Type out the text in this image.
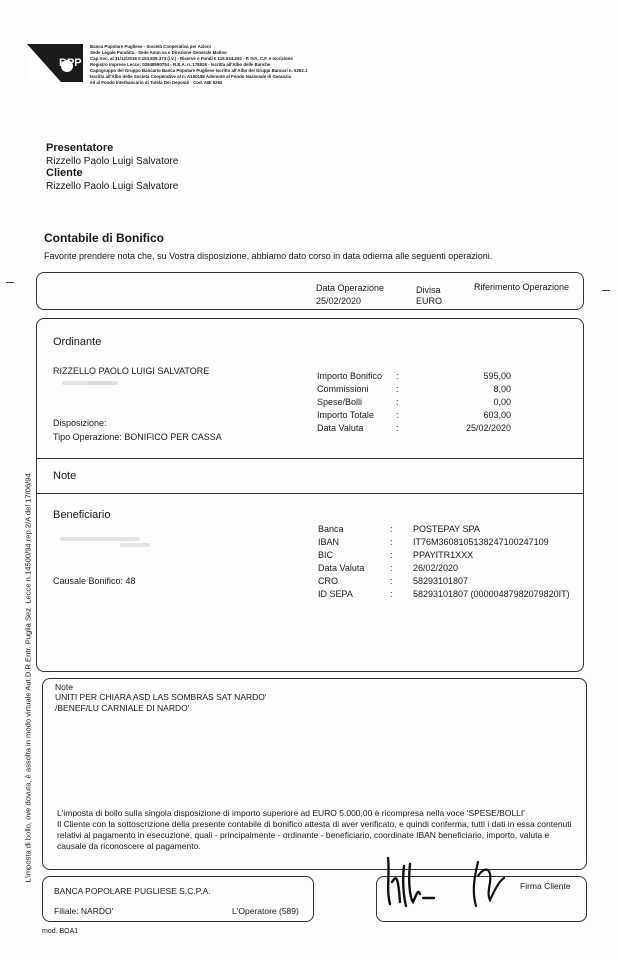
BPP
Banca Popolare Pugliese - Società Cooperativa per Azioni
Sede Legale Parabita - Sede Amm.va e Direzione Generale Matino
Cap.Soc. al 31/12/2018 € 154.829.373 (i.v.) - Riserve e Fondi € 116.534.204 - P. IVA, C.F. e Iscrizione
Registro Imprese Lecce: 02848590754 - R.E.A. n. 178926 - Iscritta all'Albo delle Banche
Capogruppo del Gruppo Bancario Banca Popolare Pugliese Iscritto all'Albo dei Gruppi Bancari n. 5262.1
Iscritta all'Albo delle Società Cooperative al n. A160188 Aderente al Fondo Nazionale di Garanzia
ed al Fondo Interbancario di Tutela Dei Depositi - Cod. ABI 5262
L'imposta di bollo, ove dovuta, è assolta in modo virtuale Aut.D.R.Entr. Puglia Sez. Lecce n.14500/94 rep.2/A del 17/06/94
Presentatore
Rizzello Paolo Luigi Salvatore
Cliente
Rizzello Paolo Luigi Salvatore
Contabile di Bonifico
Favorite prendere nota che, su Vostra disposizione, abbiamo dato corso in data odierna alle seguenti operazioni.
Data Operazione
25/02/2020
Divisa
EURO
Riferimento Operazione
Ordinante
RIZZELLO PAOLO LUIGI SALVATORE
Disposizione:
Tipo Operazione: BONIFICO PER CASSA
Importo Bonifico :	595,00
Commissioni	:	8,00
Spese/Bolli	:	0,00
Importo Totale :	603,00
Data Valuta	:	25/02/2020
Note
Beneficiario
Causale Bonifico: 48
Banca	: POSTEPAY SPA
IBAN	: IT76M3608105138247100247109
BIC	: PPAYITR1XXX
Data Valuta	: 26/02/2020
CRO	: 58293101807
ID SEPA	: 58293101807 (00000487982079820IT)
Note
UNITI PER CHIARA ASD LAS SOMBRAS SAT NARDO'
/BENEF/LU CARNIALE DI NARDO'
L'imposta di bollo sulla singola disposizione di importo superiore ad EURO 5.000,00 è ricompresa nella voce 'SPESE/BOLLI'
Il Cliente con la sottoscrizione della presente contabile di bonifico attesta di aver verificato, e quindi conferma, tutti i dati in essa contenuti relativi al pagamento in esecuzione, quali - principalmente - ordinante - beneficiario, coordinate IBAN beneficiario, importo, valuta e causale da riconoscere al pagamento.
BANCA POPOLARE PUGLIESE S.C.P.A.
Filiale: NARDO'	L'Operatore (589)
Firma Cliente
mod. BOA1
